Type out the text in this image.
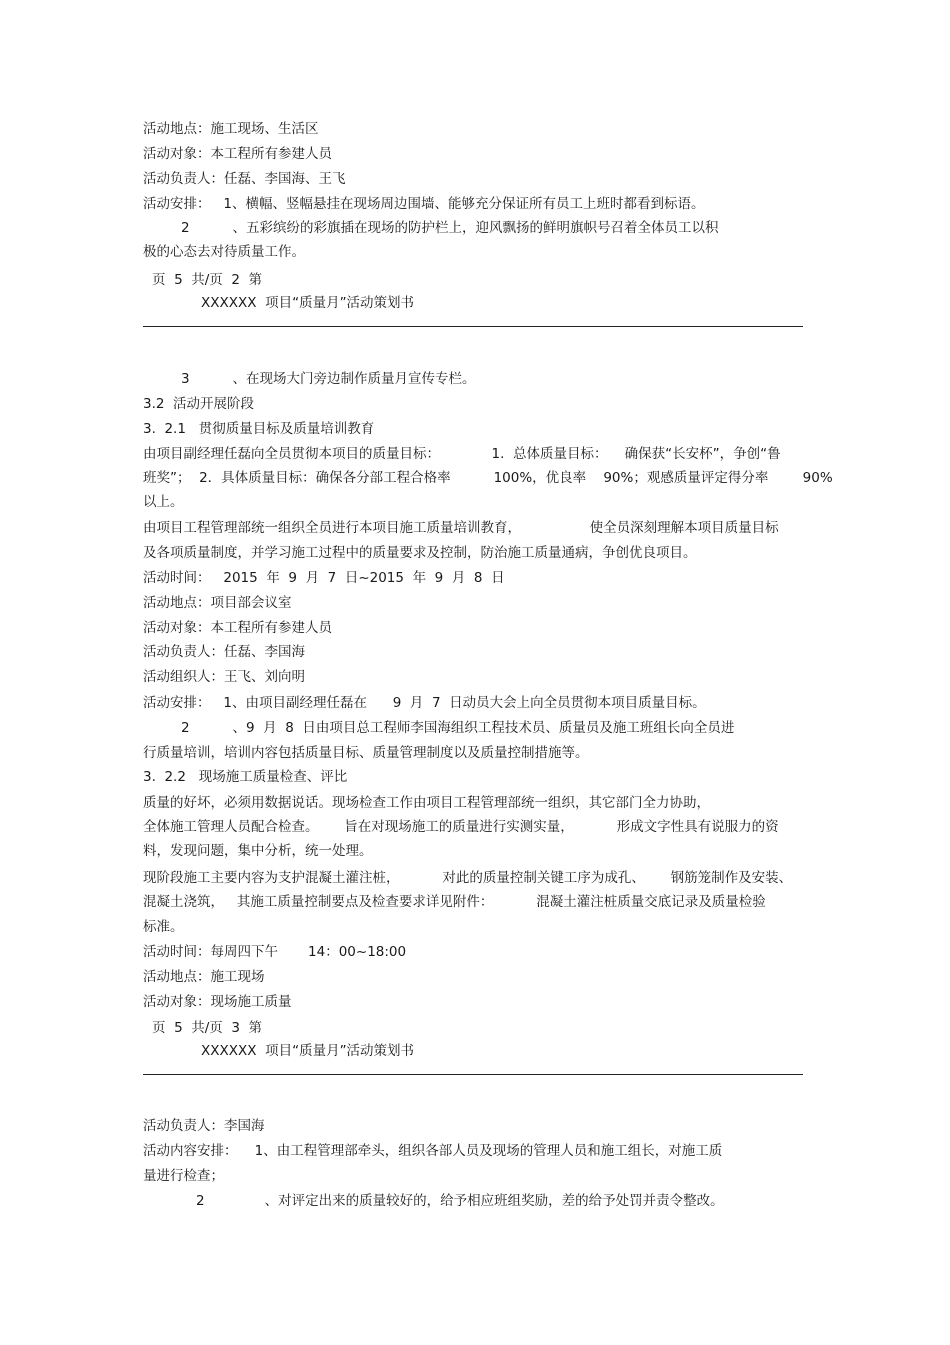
活动地点：施工现场、生活区
活动对象：本工程所有参建人员
活动负责人：任磊、李国海、王飞
活动安排：   1、横幅、竖幅悬挂在现场周边围墙、能够充分保证所有员工上班时都看到标语。
2          、五彩缤纷的彩旗插在现场的防护栏上，迎风飘扬的鲜明旗帜号召着全体员工以积
极的心态去对待质量工作。
页  5  共/页  2  第
XXXXXX  项目“质量月”活动策划书
3          、在现场大门旁边制作质量月宣传专栏。
3.2  活动开展阶段
3.  2.1   贯彻质量目标及质量培训教育
由项目副经理任磊向全员贯彻本项目的质量目标：            1.  总体质量目标：    确保获“长安杯”，争创“鲁
班奖”；  2．具体质量目标：确保各分部工程合格率          100%，优良率    90%；观感质量评定得分率        90%
以上。
由项目工程管理部统一组织全员进行本项目施工质量培训教育，                使全员深刻理解本项目质量目标
及各项质量制度，并学习施工过程中的质量要求及控制，防治施工质量通病，争创优良项目。
活动时间：   2015  年  9  月  7  日~2015  年  9  月  8  日
活动地点：项目部会议室
活动对象：本工程所有参建人员
活动负责人：任磊、李国海
活动组织人：王飞、刘向明
活动安排：   1、由项目副经理任磊在      9  月  7  日动员大会上向全员贯彻本项目质量目标。
2          、9  月  8  日由项目总工程师李国海组织工程技术员、质量员及施工班组长向全员进
行质量培训，培训内容包括质量目标、质量管理制度以及质量控制措施等。
3.  2.2   现场施工质量检查、评比
质量的好坏，必须用数据说话。现场检查工作由项目工程管理部统一组织，其它部门全力协助，
全体施工管理人员配合检查。      旨在对现场施工的质量进行实测实量，          形成文字性具有说服力的资
料，发现问题，集中分析，统一处理。
现阶段施工主要内容为支护混凝土灌注桩，          对此的质量控制关键工序为成孔、      钢筋笼制作及安装、
混凝土浇筑，   其施工质量控制要点及检查要求详见附件：          混凝土灌注桩质量交底记录及质量检验
标准。
活动时间：每周四下午       14：00~18:00
活动地点：施工现场
活动对象：现场施工质量
页  5  共/页  3  第
XXXXXX  项目“质量月”活动策划书
活动负责人：李国海
活动内容安排：    1、由工程管理部牵头，组织各部人员及现场的管理人员和施工组长，对施工质
量进行检查；
2              、对评定出来的质量较好的，给予相应班组奖励，差的给予处罚并责令整改。
